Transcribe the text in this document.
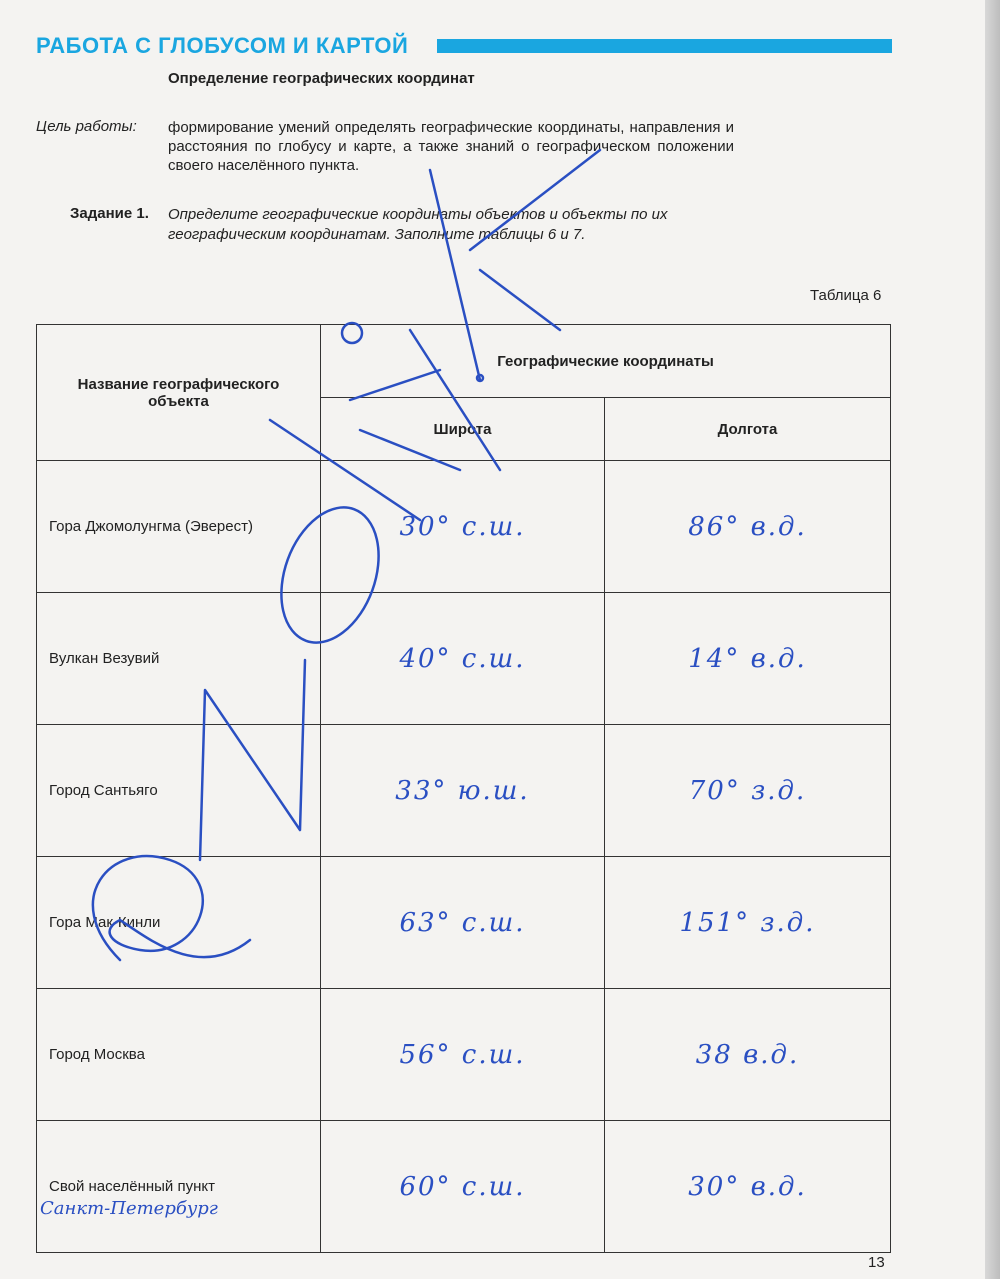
РАБОТА С ГЛОБУСОМ И КАРТОЙ
Определение географических координат
Цель работы: формирование умений определять географические координаты, направления и расстояния по глобусу и карте, а также знаний о географическом положении своего населённого пункта.
Задание 1. Определите географические координаты объектов и объекты по их географическим координатам. Заполните таблицы 6 и 7.
Таблица 6
Название географического объекта	Географические координаты	
	Широта	Долгота
Гора Джомолунгма (Эверест)	30° с.ш.	86° в.д.
Вулкан Везувий	40° с.ш.	14° в.д.
Город Сантьяго	33° ю.ш.	70° з.д.
Гора Мак-Кинли	63° с.ш.	151° з.д.
Город Москва	56° с.ш.	38 в.д.
Свой населённый пункт	60° с.ш.	30° в.д.
Санкт-Петербург
13
